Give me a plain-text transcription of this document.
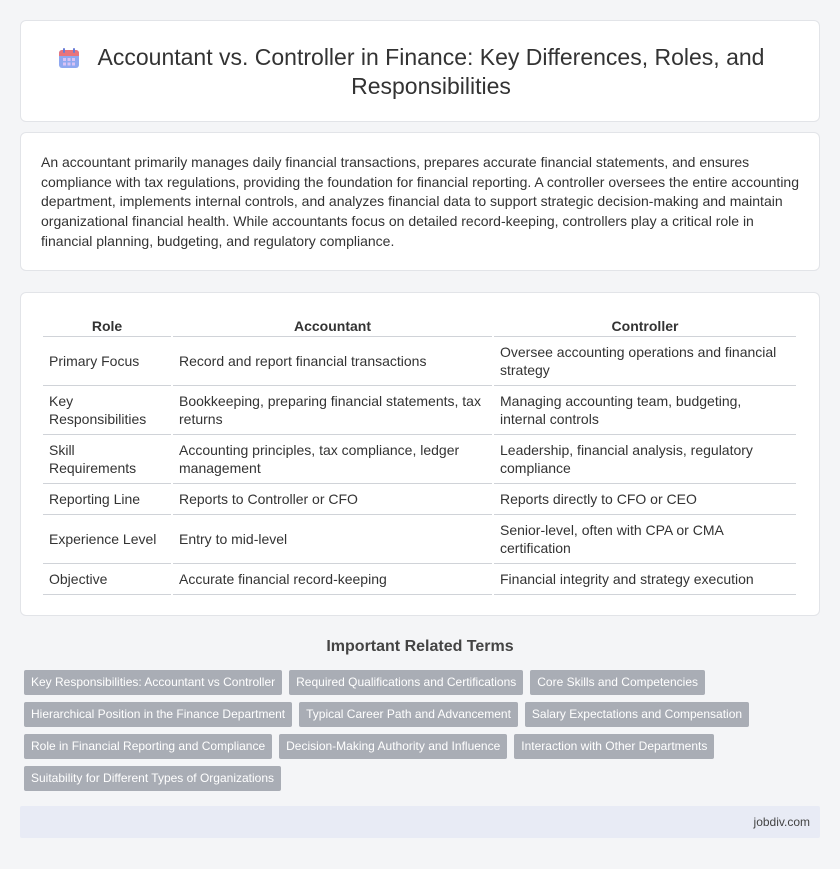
Accountant vs. Controller in Finance: Key Differences, Roles, and Responsibilities

An accountant primarily manages daily financial transactions, prepares accurate financial statements, and ensures compliance with tax regulations, providing the foundation for financial reporting. A controller oversees the entire accounting department, implements internal controls, and analyzes financial data to support strategic decision-making and maintain organizational financial health. While accountants focus on detailed record-keeping, controllers play a critical role in financial planning, budgeting, and regulatory compliance.

Role	Accountant	Controller
Primary Focus	Record and report financial transactions	Oversee accounting operations and financial strategy
Key Responsibilities	Bookkeeping, preparing financial statements, tax returns	Managing accounting team, budgeting, internal controls
Skill Requirements	Accounting principles, tax compliance, ledger management	Leadership, financial analysis, regulatory compliance
Reporting Line	Reports to Controller or CFO	Reports directly to CFO or CEO
Experience Level	Entry to mid-level	Senior-level, often with CPA or CMA certification
Objective	Accurate financial record-keeping	Financial integrity and strategy execution
Important Related Terms
Key Responsibilities: Accountant vs Controller	Required Qualifications and Certifications	Core Skills and Competencies
Hierarchical Position in the Finance Department	Typical Career Path and Advancement	Salary Expectations and Compensation
Role in Financial Reporting and Compliance	Decision-Making Authority and Influence	Interaction with Other Departments
Suitability for Different Types of Organizations
jobdiv.com
